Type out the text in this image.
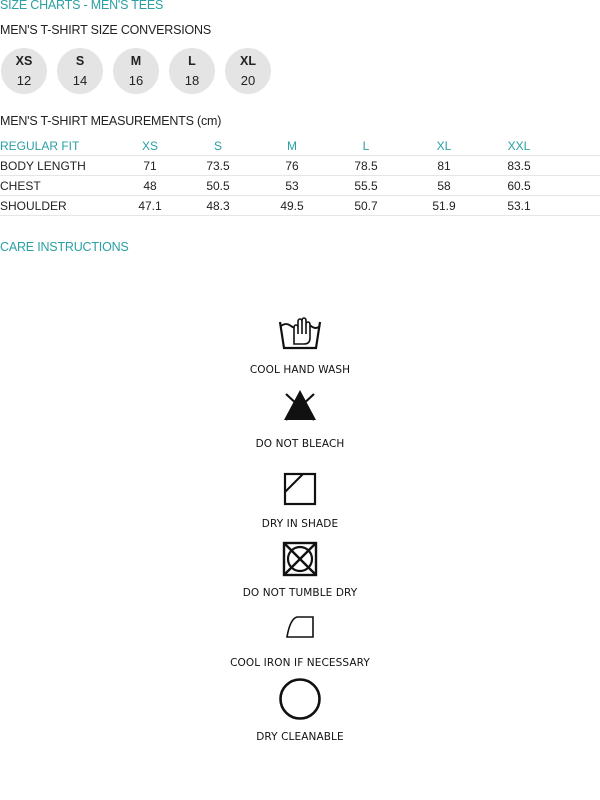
SIZE CHARTS - MEN'S TEES
MEN'S T-SHIRT SIZE CONVERSIONS
XS
12
S
14
M
16
L
18
XL
20
MEN'S T-SHIRT MEASUREMENTS (cm)
REGULAR FIT	XS	S	M	L	XL	XXL	
BODY LENGTH	71	73.5	76	78.5	81	83.5	
CHEST	48	50.5	53	55.5	58	60.5	
SHOULDER	47.1	48.3	49.5	50.7	51.9	53.1	
CARE INSTRUCTIONS
COOL HAND WASH
DO NOT BLEACH
DRY IN SHADE
DO NOT TUMBLE DRY
COOL IRON IF NECESSARY
DRY CLEANABLE
